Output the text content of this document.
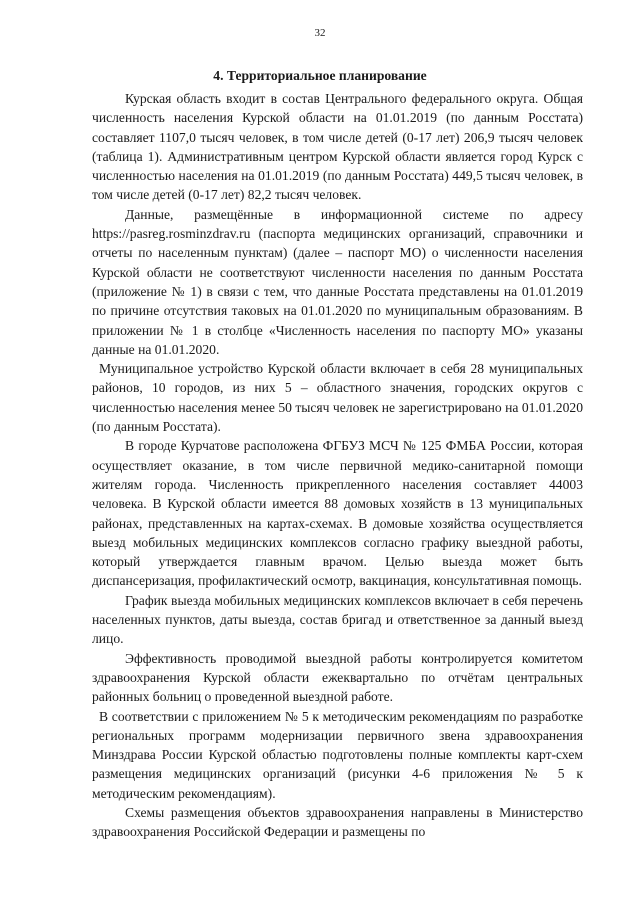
32
4. Территориальное планирование

Курская область входит в состав Центрального федерального округа. Общая численность населения Курской области на 01.01.2019 (по данным Росстата) составляет 1107,0 тысяч человек, в том числе детей (0-17 лет) 206,9 тысяч человек (таблица 1). Административным центром Курской области является город Курск с численностью населения на 01.01.2019 (по данным Росстата) 449,5 тысяч человек, в том числе детей (0-17 лет) 82,2 тысяч человек.

Данные, размещённые в информационной системе по адресу https://pasreg.rosminzdrav.ru (паспорта медицинских организаций, справочники и отчеты по населенным пунктам) (далее – паспорт МО) о численности населения Курской области не соответствуют численности населения по данным Росстата (приложение № 1) в связи с тем, что данные Росстата представлены на 01.01.2019 по причине отсутствия таковых на 01.01.2020 по муниципальным образованиям. В приложении № 1 в столбце «Численность населения по паспорту МО» указаны данные на 01.01.2020.

Муниципальное устройство Курской области включает в себя 28 муниципальных районов, 10 городов, из них 5 – областного значения, городских округов с численностью населения менее 50 тысяч человек не зарегистрировано на 01.01.2020 (по данным Росстата).

В городе Курчатове расположена ФГБУЗ МСЧ № 125 ФМБА России, которая осуществляет оказание, в том числе первичной медико-санитарной помощи жителям города. Численность прикрепленного населения составляет 44003 человека. В Курской области имеется 88 домовых хозяйств в 13 муниципальных районах, представленных на картах-схемах. В домовые хозяйства осуществляется выезд мобильных медицинских комплексов согласно графику выездной работы, который утверждается главным врачом. Целью выезда может быть диспансеризация, профилактический осмотр, вакцинация, консультативная помощь.

График выезда мобильных медицинских комплексов включает в себя перечень населенных пунктов, даты выезда, состав бригад и ответственное за данный выезд лицо.

Эффективность проводимой выездной работы контролируется комитетом здравоохранения Курской области ежеквартально по отчётам центральных районных больниц о проведенной выездной работе.

В соответствии с приложением № 5 к методическим рекомендациям по разработке региональных программ модернизации первичного звена здравоохранения Минздрава России Курской областью подготовлены полные комплекты карт-схем размещения медицинских организаций (рисунки 4-6 приложения № 5 к методическим рекомендациям).

Схемы размещения объектов здравоохранения направлены в Министерство здравоохранения Российской Федерации и размещены по
